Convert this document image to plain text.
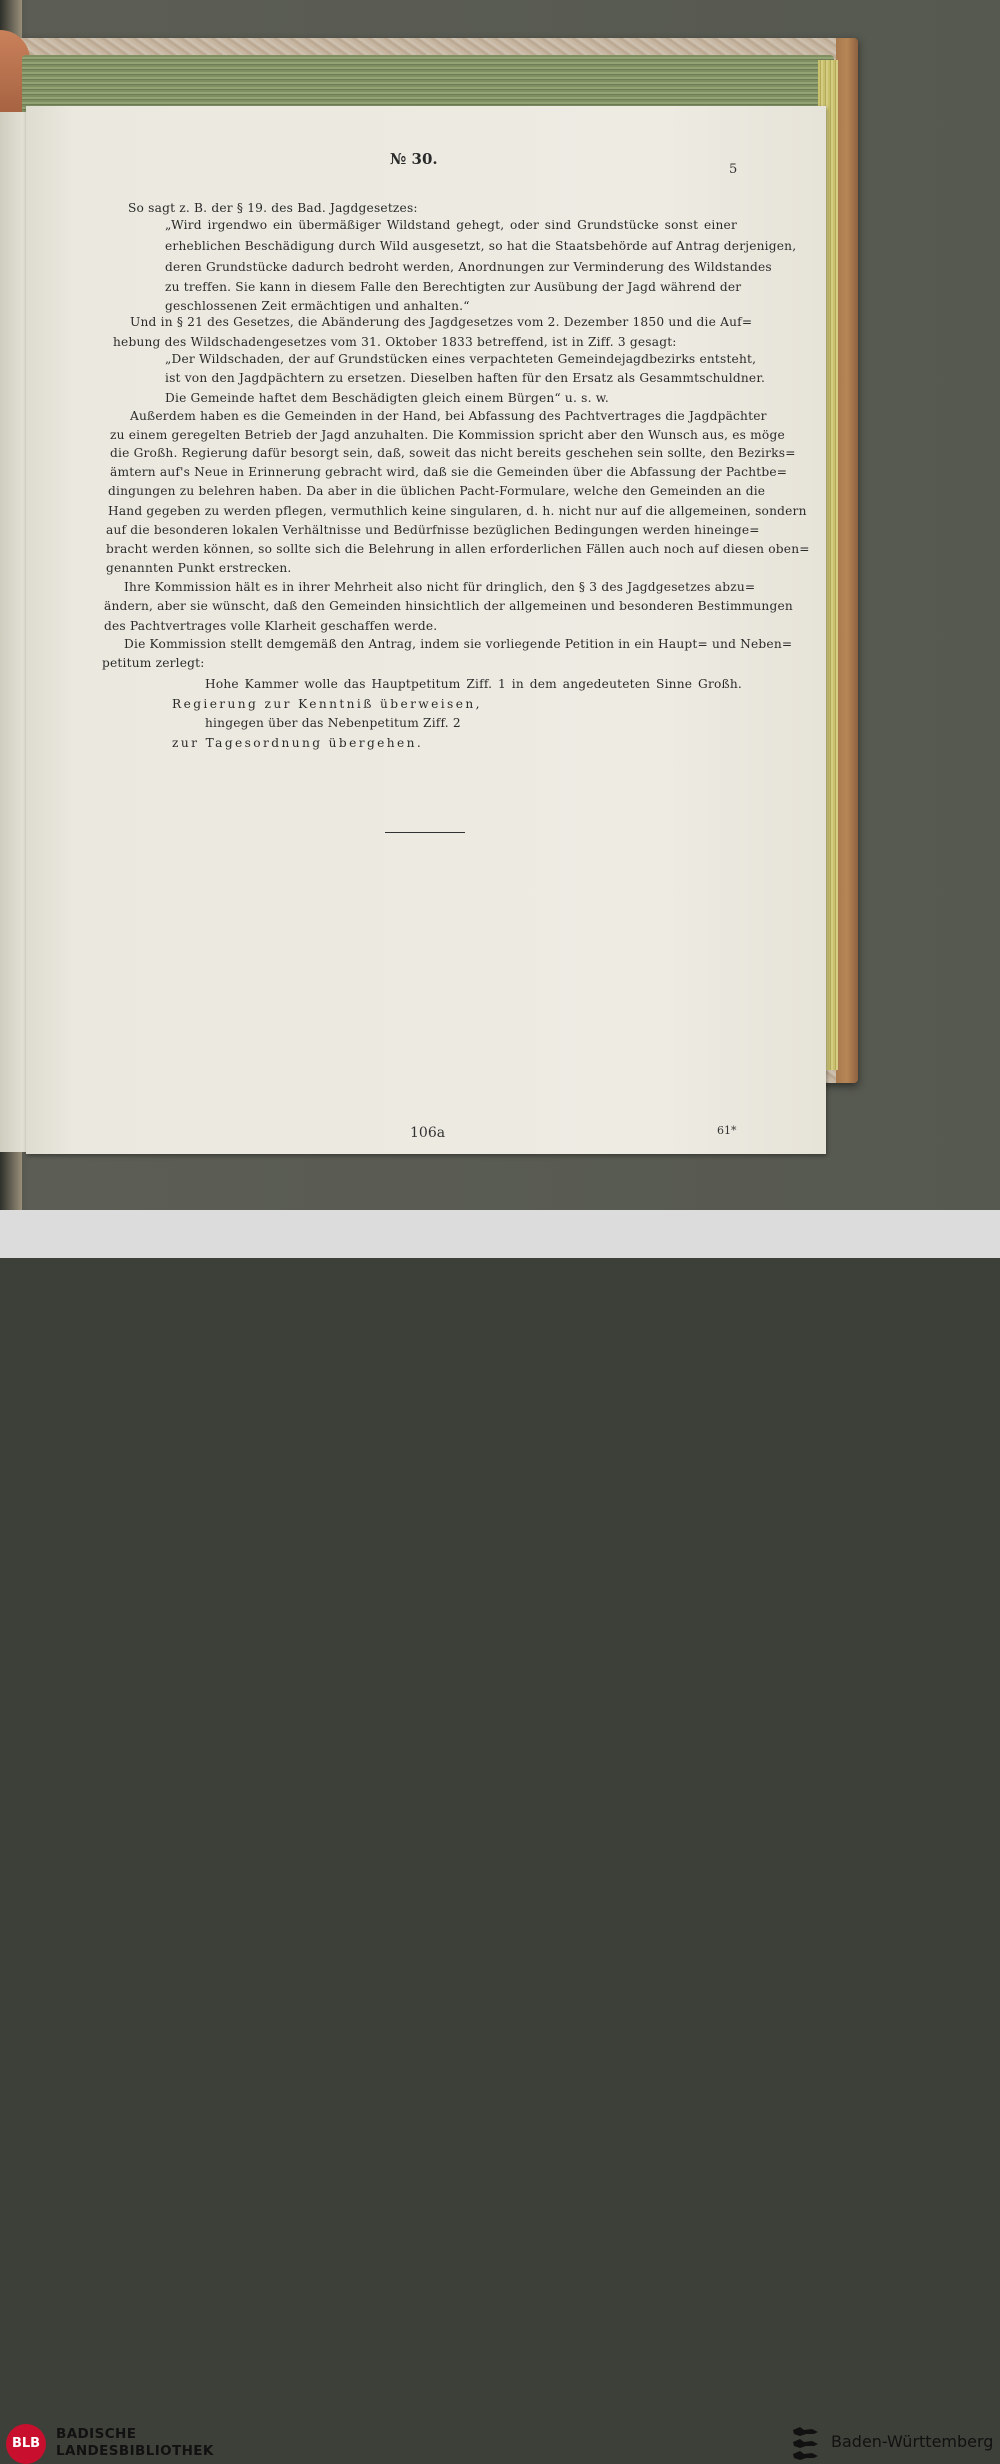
№ 30.
5
So sagt z. B. der § 19. des Bad. Jagdgesetzes:
„Wird irgendwo ein übermäßiger Wildstand gehegt, oder sind Grundstücke sonst einer
erheblichen Beschädigung durch Wild ausgesetzt, so hat die Staatsbehörde auf Antrag derjenigen,
deren Grundstücke dadurch bedroht werden, Anordnungen zur Verminderung des Wildstandes
zu treffen. Sie kann in diesem Falle den Berechtigten zur Ausübung der Jagd während der
geschlossenen Zeit ermächtigen und anhalten.“
Und in § 21 des Gesetzes, die Abänderung des Jagdgesetzes vom 2. Dezember 1850 und die Auf=
hebung des Wildschadengesetzes vom 31. Oktober 1833 betreffend, ist in Ziff. 3 gesagt:
„Der Wildschaden, der auf Grundstücken eines verpachteten Gemeindejagdbezirks entsteht,
ist von den Jagdpächtern zu ersetzen. Dieselben haften für den Ersatz als Gesammtschuldner.
Die Gemeinde haftet dem Beschädigten gleich einem Bürgen“ u. s. w.
Außerdem haben es die Gemeinden in der Hand, bei Abfassung des Pachtvertrages die Jagdpächter
zu einem geregelten Betrieb der Jagd anzuhalten. Die Kommission spricht aber den Wunsch aus, es möge
die Großh. Regierung dafür besorgt sein, daß, soweit das nicht bereits geschehen sein sollte, den Bezirks=
ämtern auf's Neue in Erinnerung gebracht wird, daß sie die Gemeinden über die Abfassung der Pachtbe=
dingungen zu belehren haben. Da aber in die üblichen Pacht-Formulare, welche den Gemeinden an die
Hand gegeben zu werden pflegen, vermuthlich keine singularen, d. h. nicht nur auf die allgemeinen, sondern
auf die besonderen lokalen Verhältnisse und Bedürfnisse bezüglichen Bedingungen werden hineinge=
bracht werden können, so sollte sich die Belehrung in allen erforderlichen Fällen auch noch auf diesen oben=
genannten Punkt erstrecken.
Ihre Kommission hält es in ihrer Mehrheit also nicht für dringlich, den § 3 des Jagdgesetzes abzu=
ändern, aber sie wünscht, daß den Gemeinden hinsichtlich der allgemeinen und besonderen Bestimmungen
des Pachtvertrages volle Klarheit geschaffen werde.
Die Kommission stellt demgemäß den Antrag, indem sie vorliegende Petition in ein Haupt= und Neben=
petitum zerlegt:
Hohe Kammer wolle das Hauptpetitum Ziff. 1 in dem angedeuteten Sinne Großh.
Regierung zur Kenntniß überweisen,
hingegen über das Nebenpetitum Ziff. 2
zur Tagesordnung übergehen.
106a	61*
BLB
BADISCHE
LANDESBIBLIOTHEK	Baden-Württemberg
